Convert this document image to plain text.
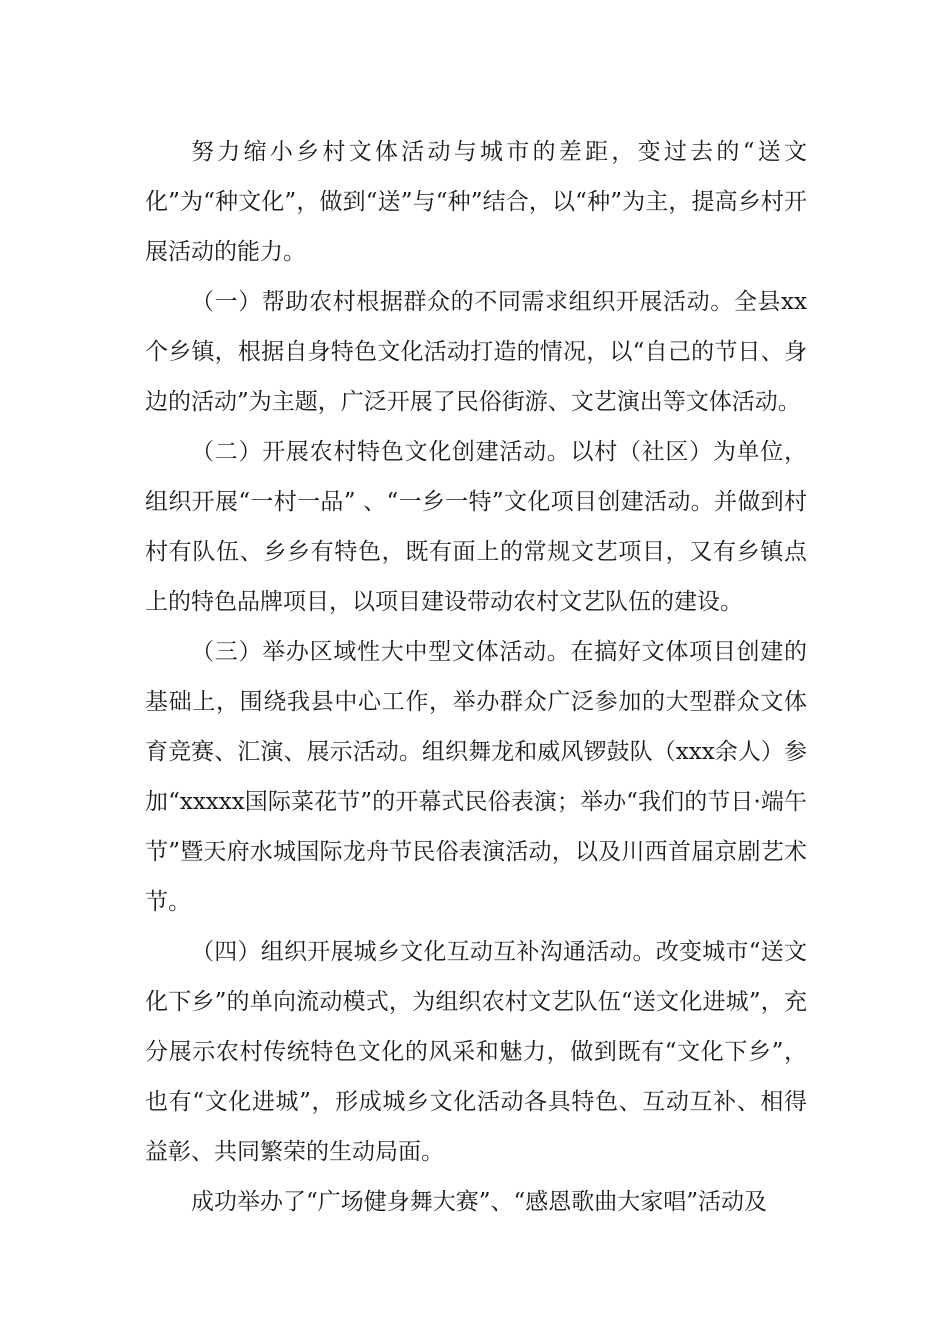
努力缩小乡村文体活动与城市的差距，变过去的“送文化”为“种文化”，做到“送”与“种”结合，以“种”为主，提高乡村开展活动的能力。

（一）帮助农村根据群众的不同需求组织开展活动。全县xx个乡镇，根据自身特色文化活动打造的情况，以“自己的节日、身边的活动”为主题，广泛开展了民俗街游、文艺演出等文体活动。

（二）开展农村特色文化创建活动。以村（社区）为单位，组织开展“一村一品” 、“一乡一特”文化项目创建活动。并做到村村有队伍、乡乡有特色，既有面上的常规文艺项目，又有乡镇点上的特色品牌项目，以项目建设带动农村文艺队伍的建设。

（三）举办区域性大中型文体活动。在搞好文体项目创建的基础上，围绕我县中心工作，举办群众广泛参加的大型群众文体育竞赛、汇演、展示活动。组织舞龙和威风锣鼓队（xxx余人）参加“xxxxx国际菜花节”的开幕式民俗表演；举办“我们的节日·端午节”暨天府水城国际龙舟节民俗表演活动，以及川西首届京剧艺术节。

（四）组织开展城乡文化互动互补沟通活动。改变城市“送文化下乡”的单向流动模式，为组织农村文艺队伍“送文化进城”，充分展示农村传统特色文化的风采和魅力，做到既有“文化下乡”，也有“文化进城”，形成城乡文化活动各具特色、互动互补、相得益彰、共同繁荣的生动局面。

成功举办了“广场健身舞大赛”、“感恩歌曲大家唱”活动及
